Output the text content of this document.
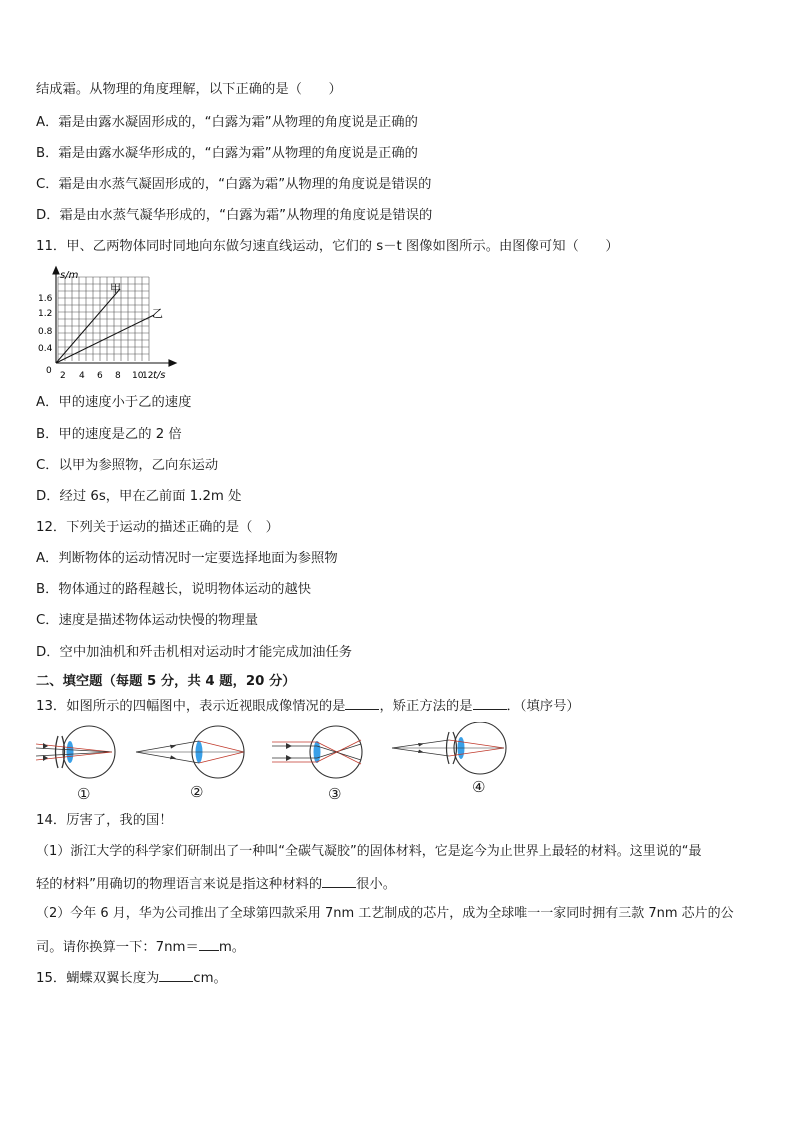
结成霜。从物理的角度理解，以下正确的是（　　）
A．霜是由露水凝固形成的，“白露为霜”从物理的角度说是正确的
B．霜是由露水凝华形成的，“白露为霜”从物理的角度说是正确的
C．霜是由水蒸气凝固形成的，“白露为霜”从物理的角度说是错误的
D．霜是由水蒸气凝华形成的，“白露为霜”从物理的角度说是错误的
11．甲、乙两物体同时同地向东做匀速直线运动，它们的 s－t 图像如图所示。由图像可知（　　）
s/m
1.6
1.2
0.8
0.4
0 2 4 6 8 10
12 t/s
甲
乙
A．甲的速度小于乙的速度
B．甲的速度是乙的 2 倍
C．以甲为参照物，乙向东运动
D．经过 6s，甲在乙前面 1.2m 处
12．下列关于运动的描述正确的是（　）
A．判断物体的运动情况时一定要选择地面为参照物
B．物体通过的路程越长，说明物体运动的越快
C．速度是描述物体运动快慢的物理量
D．空中加油机和歼击机相对运动时才能完成加油任务
二、填空题（每题 5 分，共 4 题，20 分）
13．如图所示的四幅图中，表示近视眼成像情况的是	，矫正方法的是	．（填序号）
①	②	③	④
14．厉害了，我的国！
（1）浙江大学的科学家们研制出了一种叫“全碳气凝胶”的固体材料，它是迄今为止世界上最轻的材料。这里说的“最
轻的材料”用确切的物理语言来说是指这种材料的	很小。
（2）今年 6 月，华为公司推出了全球第四款采用 7nm 工艺制成的芯片，成为全球唯一一家同时拥有三款 7nm 芯片的公
司。请你换算一下：7nm＝ m。
15．蝴蝶双翼长度为	cm。
